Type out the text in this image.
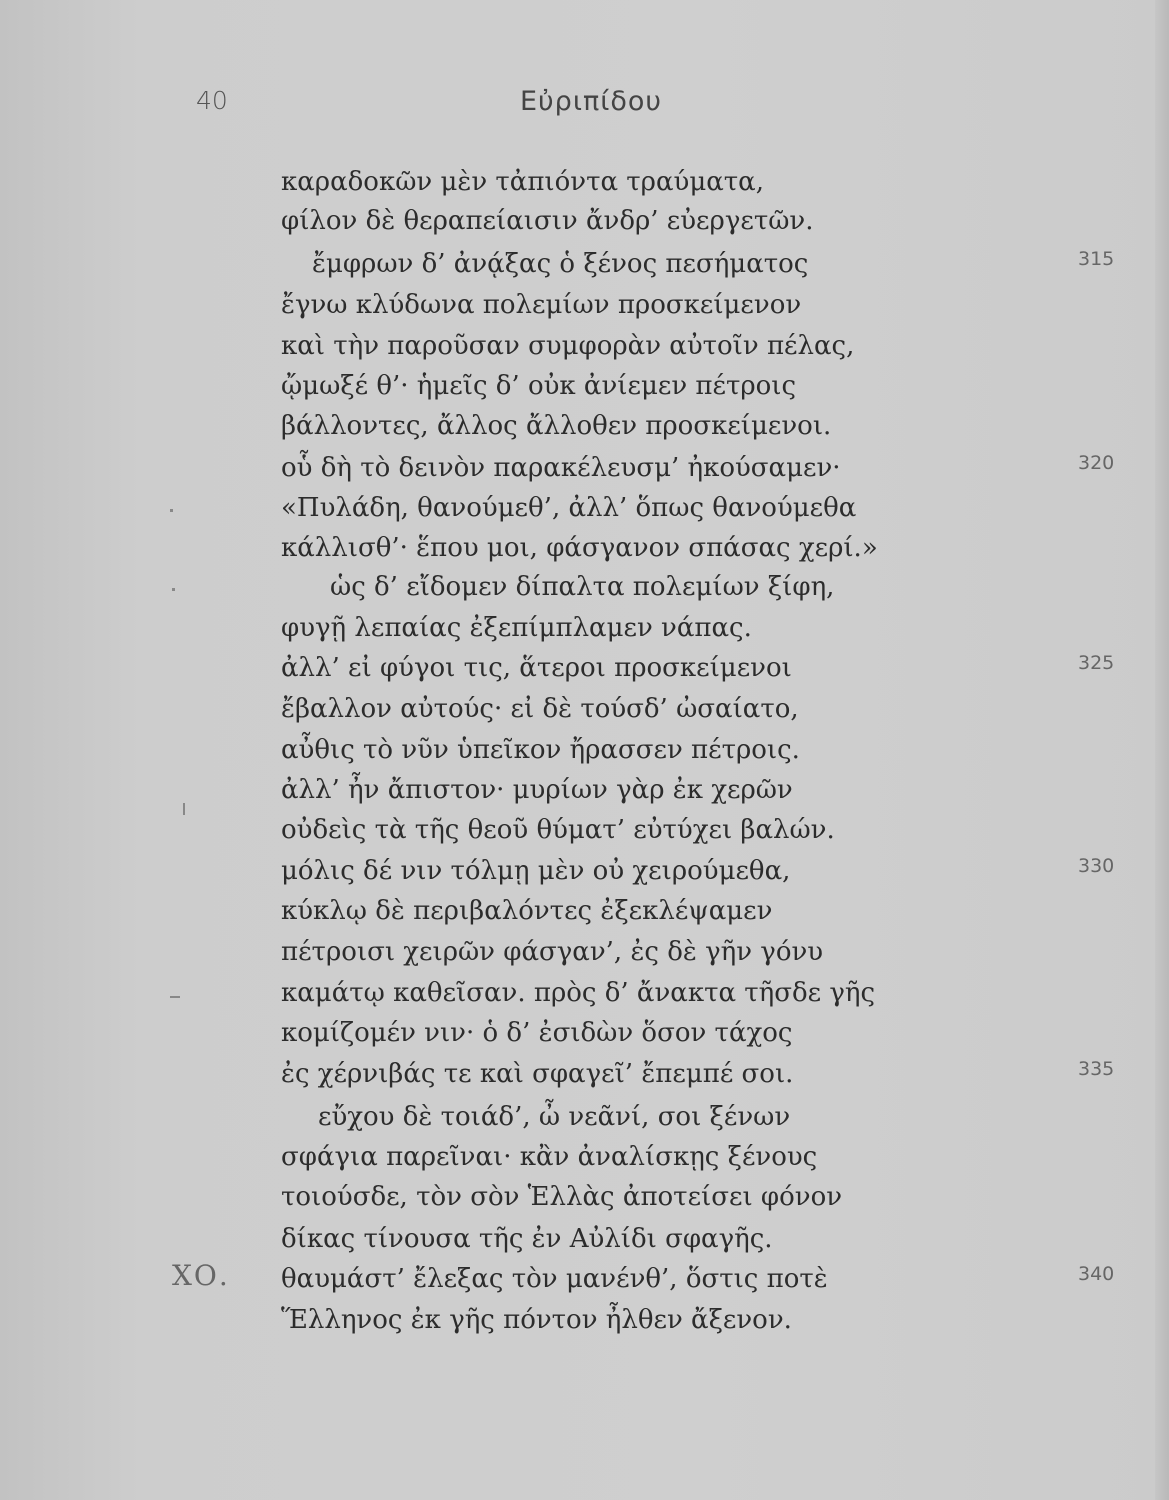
40	Εὐριπίδου
καραδοκῶν μὲν τἀπιόντα τραύματα,
φίλον δὲ θεραπείαισιν ἄνδρ’ εὐεργετῶν.
ἔμφρων δ’ ἀνᾴξας ὁ ξένος πεσήματος	315
ἔγνω κλύδωνα πολεμίων προσκείμενον
καὶ τὴν παροῦσαν συμφορὰν αὐτοῖν πέλας,
ᾤμωξέ θ’· ἡμεῖς δ’ οὐκ ἀνίεμεν πέτροις
βάλλοντες, ἄλλος ἄλλοθεν προσκείμενοι.
οὗ δὴ τὸ δεινὸν παρακέλευσμ’ ἠκούσαμεν·	320
«Πυλάδη, θανούμεθ’, ἀλλ’ ὅπως θανούμεθα
κάλλισθ’· ἕπου μοι, φάσγανον σπάσας χερί.»
ὡς δ’ εἴδομεν δίπαλτα πολεμίων ξίφη,
φυγῇ λεπαίας ἐξεπίμπλαμεν νάπας.
ἀλλ’ εἰ φύγοι τις, ἅτεροι προσκείμενοι	325
ἔβαλλον αὐτούς· εἰ δὲ τούσδ’ ὠσαίατο,
αὖθις τὸ νῦν ὑπεῖκον ἤρασσεν πέτροις.
ἀλλ’ ἦν ἄπιστον· μυρίων γὰρ ἐκ χερῶν
οὐδεὶς τὰ τῆς θεοῦ θύματ’ εὐτύχει βαλών.
μόλις δέ νιν τόλμῃ μὲν οὐ χειρούμεθα,	330
κύκλῳ δὲ περιβαλόντες ἐξεκλέψαμεν
πέτροισι χειρῶν φάσγαν’, ἐς δὲ γῆν γόνυ
καμάτῳ καθεῖσαν. πρὸς δ’ ἄνακτα τῆσδε γῆς
κομίζομέν νιν· ὁ δ’ ἐσιδὼν ὅσον τάχος
ἐς χέρνιβάς τε καὶ σφαγεῖ’ ἔπεμπέ σοι.	335
εὔχου δὲ τοιάδ’, ὦ νεᾶνί, σοι ξένων
σφάγια παρεῖναι· κἂν ἀναλίσκῃς ξένους
τοιούσδε, τὸν σὸν Ἑλλὰς ἀποτείσει φόνον
δίκας τίνουσα τῆς ἐν Αὐλίδι σφαγῆς.
θαυμάστ’ ἔλεξας τὸν μανένθ’, ὅστις ποτὲ
ΧΟ.	340
Ἕλληνος ἐκ γῆς πόντον ἦλθεν ἄξενον.
